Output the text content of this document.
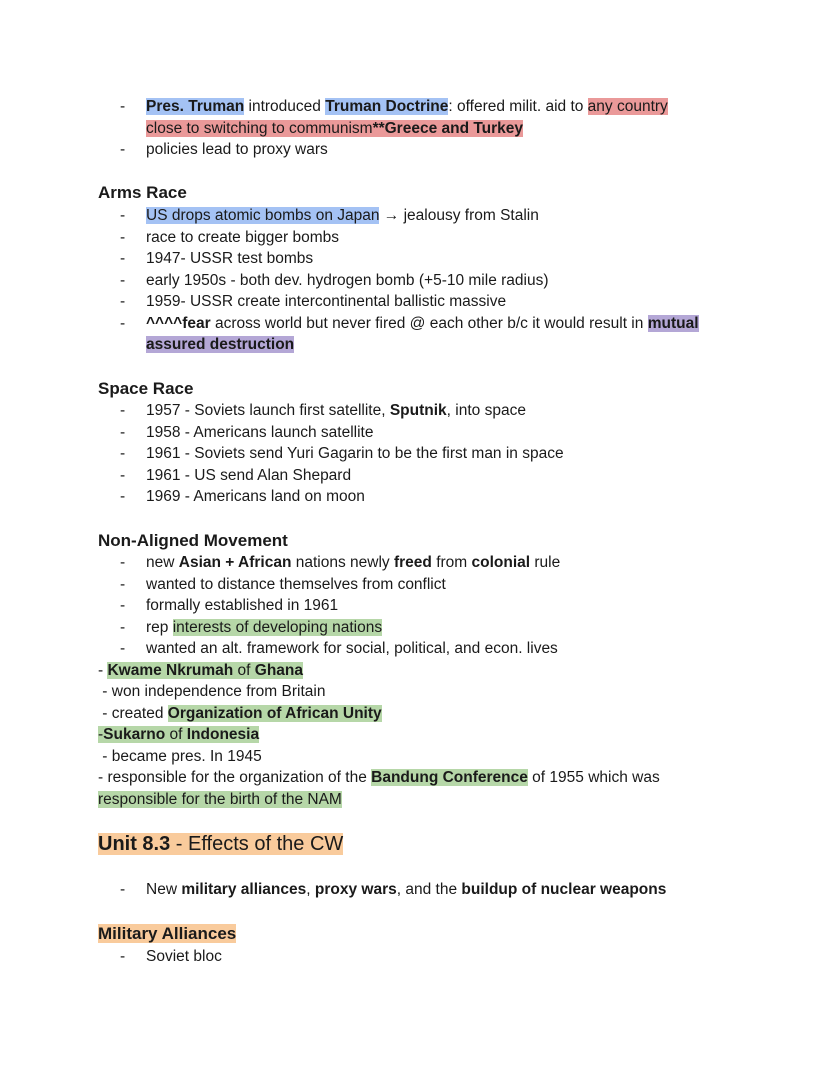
- Pres. Truman introduced Truman Doctrine: offered milit. aid to any country
close to switching to communism**Greece and Turkey
- policies lead to proxy wars
Arms Race
- US drops atomic bombs on Japan → jealousy from Stalin
- race to create bigger bombs
- 1947- USSR test bombs
- early 1950s - both dev. hydrogen bomb (+5-10 mile radius)
- 1959- USSR create intercontinental ballistic massive
- ^^^^fear across world but never fired @ each other b/c it would result in mutual
assured destruction
Space Race
- 1957 - Soviets launch first satellite, Sputnik, into space
- 1958 - Americans launch satellite
- 1961 - Soviets send Yuri Gagarin to be the first man in space
- 1961 - US send Alan Shepard
- 1969 - Americans land on moon
Non-Aligned Movement
- new Asian + African nations newly freed from colonial rule
- wanted to distance themselves from conflict
- formally established in 1961
- rep interests of developing nations
- wanted an alt. framework for social, political, and econ. lives
- Kwame Nkrumah of Ghana
- won independence from Britain
- created Organization of African Unity
-Sukarno of Indonesia
- became pres. In 1945
- responsible for the organization of the Bandung Conference of 1955 which was
responsible for the birth of the NAM
Unit 8.3 - Effects of the CW
- New military alliances, proxy wars, and the buildup of nuclear weapons
Military Alliances
- Soviet bloc
